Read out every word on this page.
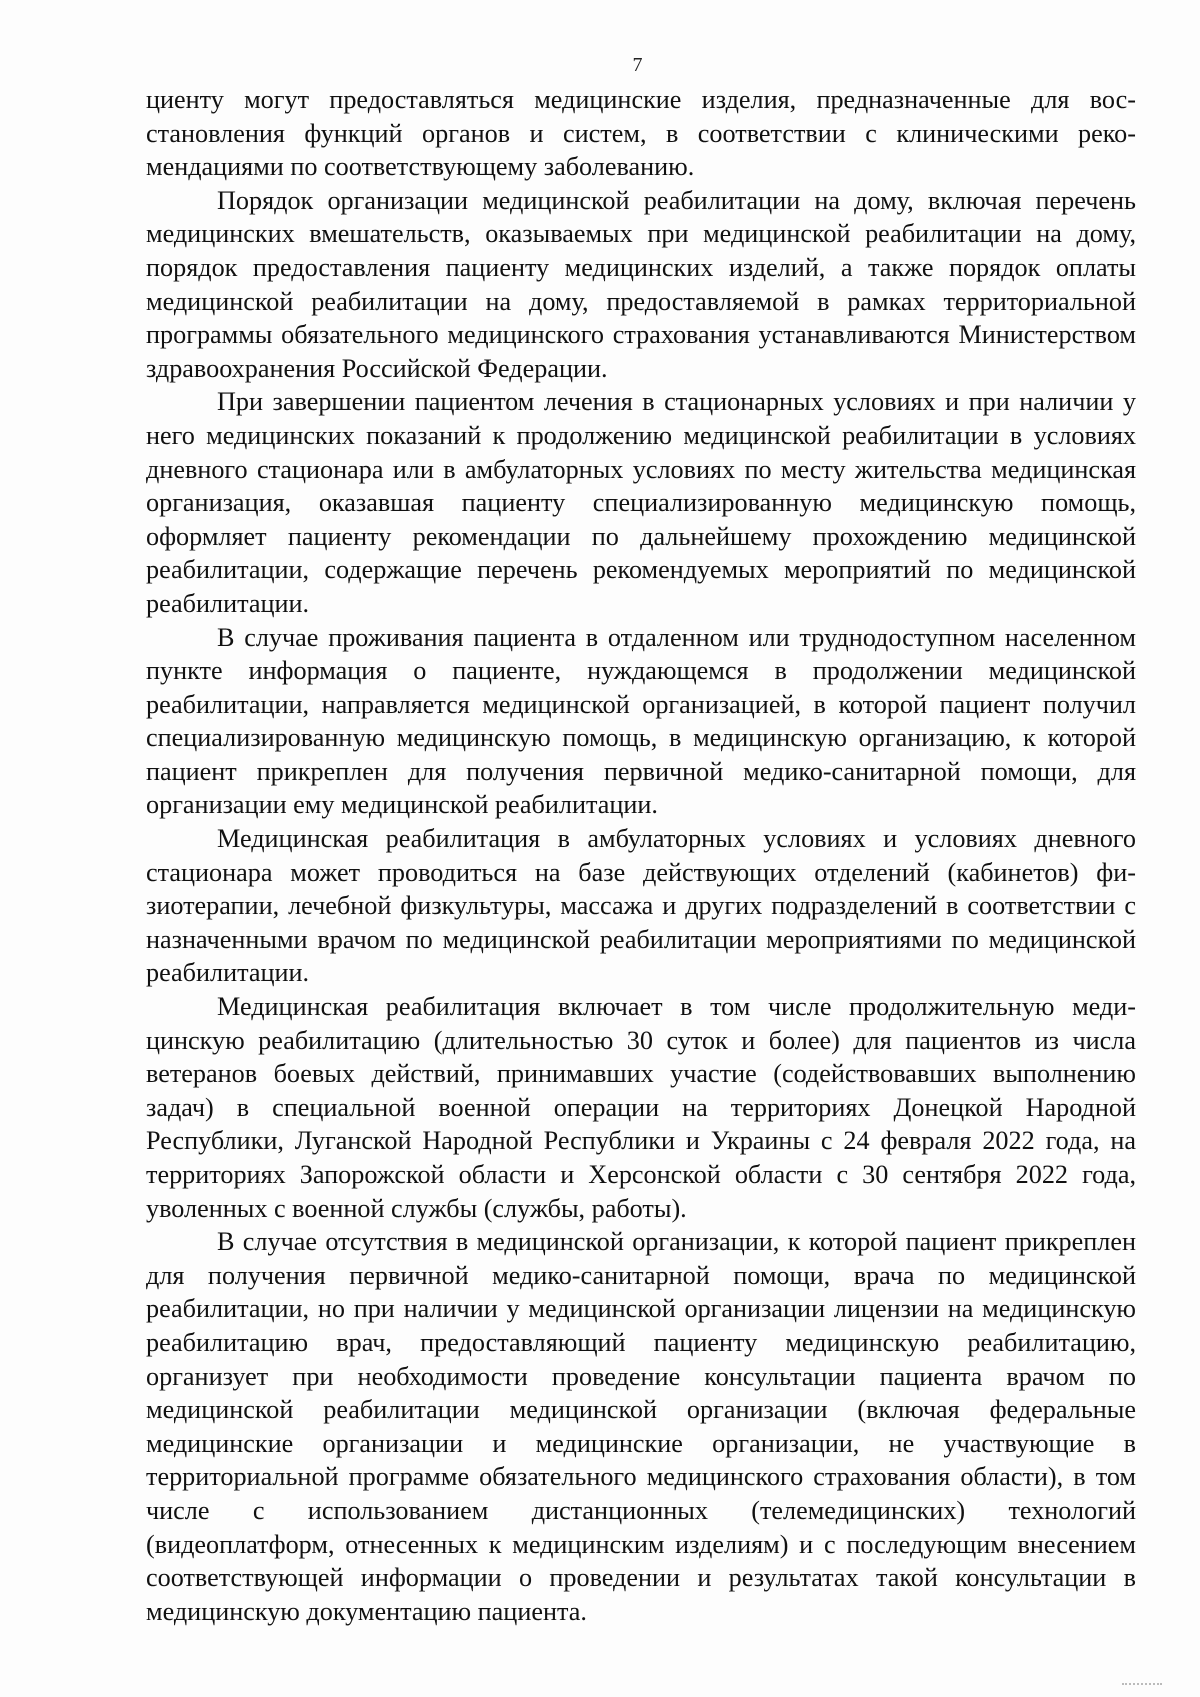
7

циенту могут предоставляться медицинские изделия, предназначенные для восстановления функций органов и систем, в соответствии с клиническими рекомендациями по соответствующему заболеванию.

Порядок организации медицинской реабилитации на дому, включая перечень медицинских вмешательств, оказываемых при медицинской реабилитации на дому, порядок предоставления пациенту медицинских изделий, а также порядок оплаты медицинской реабилитации на дому, предоставляемой в рамках территориальной программы обязательного медицинского страхования устанавливаются Министерством здравоохранения Российской Федерации.

При завершении пациентом лечения в стационарных условиях и при наличии у него медицинских показаний к продолжению медицинской реабилитации в условиях дневного стационара или в амбулаторных условиях по месту жительства медицинская организация, оказавшая пациенту специализированную медицинскую помощь, оформляет пациенту рекомендации по дальнейшему прохождению медицинской реабилитации, содержащие перечень рекомендуемых мероприятий по медицинской реабилитации.

В случае проживания пациента в отдаленном или труднодоступном населенном пункте информация о пациенте, нуждающемся в продолжении медицинской реабилитации, направляется медицинской организацией, в которой пациент получил специализированную медицинскую помощь, в медицинскую организацию, к которой пациент прикреплен для получения первичной медико-санитарной помощи, для организации ему медицинской реабилитации.

Медицинская реабилитация в амбулаторных условиях и условиях дневного стационара может проводиться на базе действующих отделений (кабинетов) физиотерапии, лечебной физкультуры, массажа и других подразделений в соответствии с назначенными врачом по медицинской реабилитации мероприятиями по медицинской реабилитации.

Медицинская реабилитация включает в том числе продолжительную медицинскую реабилитацию (длительностью 30 суток и более) для пациентов из числа ветеранов боевых действий, принимавших участие (содействовавших выполнению задач) в специальной военной операции на территориях Донецкой Народной Республики, Луганской Народной Республики и Украины с 24 февраля 2022 года, на территориях Запорожской области и Херсонской области с 30 сентября 2022 года, уволенных с военной службы (службы, работы).

В случае отсутствия в медицинской организации, к которой пациент прикреплен для получения первичной медико-санитарной помощи, врача по медицинской реабилитации, но при наличии у медицинской организации лицензии на медицинскую реабилитацию врач, предоставляющий пациенту медицинскую реабилитацию, организует при необходимости проведение консультации пациента врачом по медицинской реабилитации медицинской организации (включая федеральные медицинские организации и медицинские организации, не участвующие в территориальной программе обязательного медицинского страхования области), в том числе с использованием дистанционных (телемедицинских) технологий (видеоплатформ, отнесенных к медицинским изделиям) и с последующим внесением соответствующей информации о проведении и результатах такой консультации в медицинскую документацию пациента.
